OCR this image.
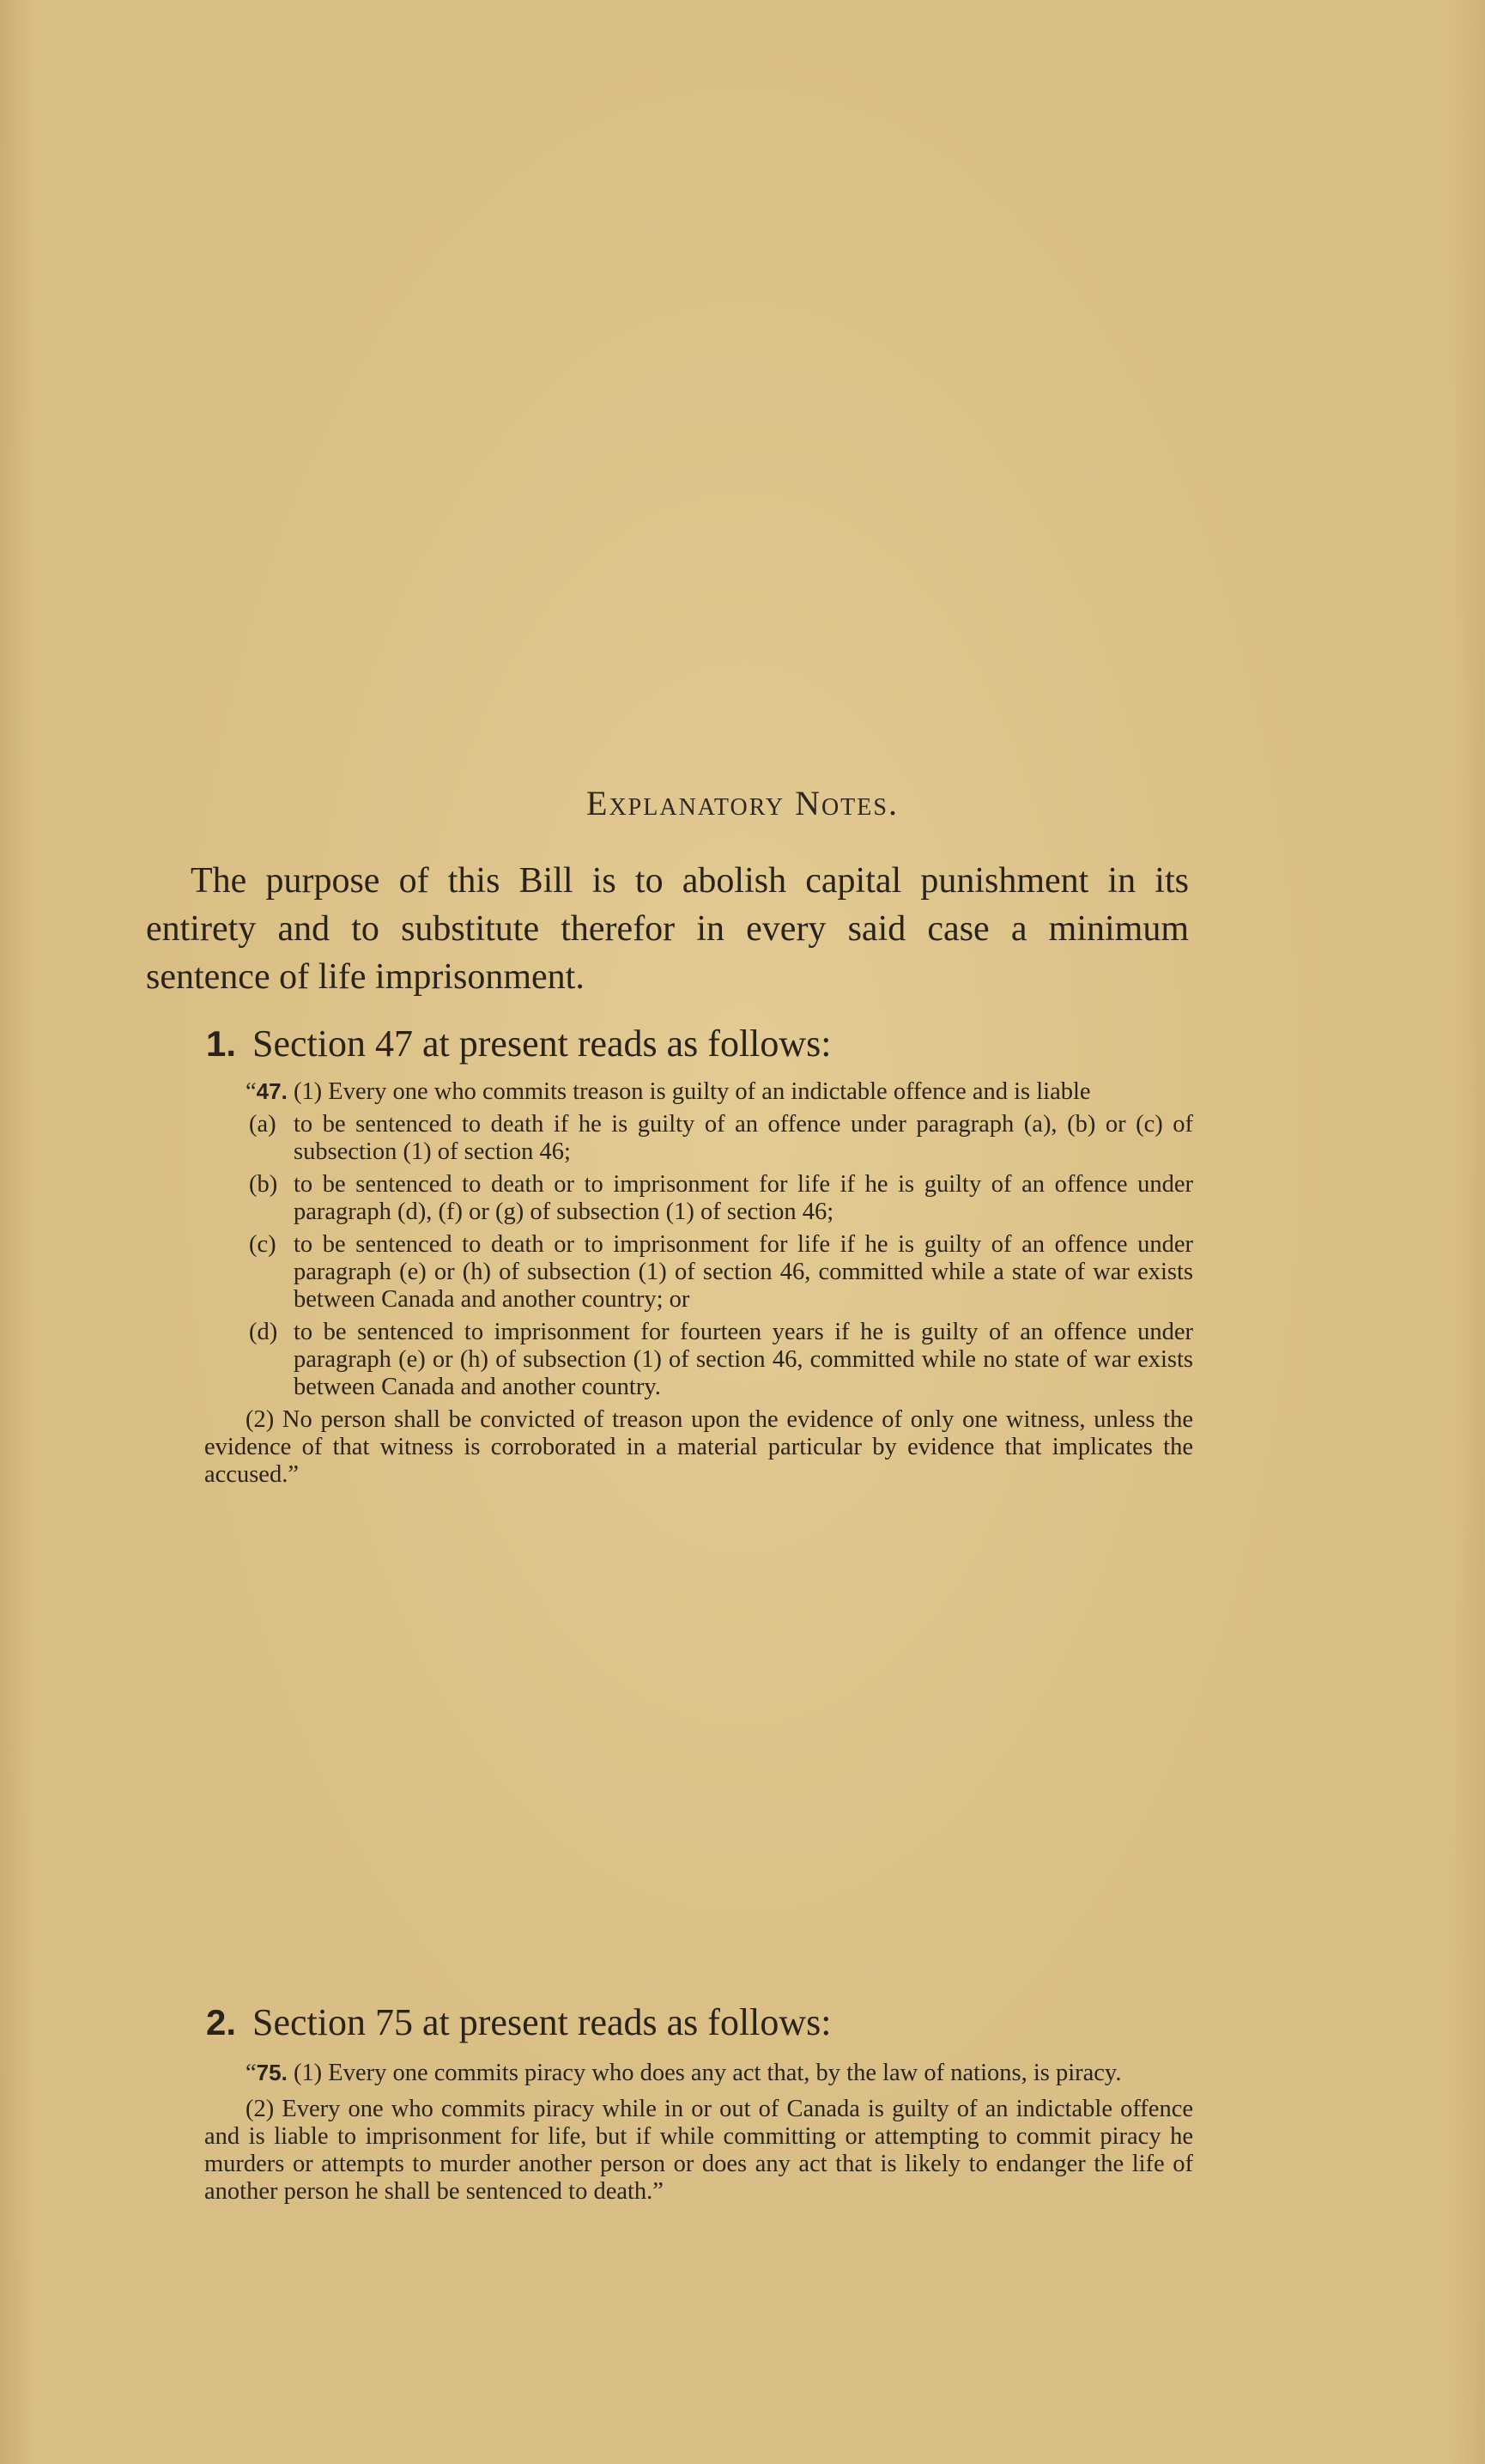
Explanatory Notes.
The purpose of this Bill is to abolish capital punishment in its entirety and to substitute therefor in every said case a minimum sentence of life imprisonment.
1. Section 47 at present reads as follows:

“47. (1) Every one who commits treason is guilty of an indictable offence and is liable

(a) to be sentenced to death if he is guilty of an offence under paragraph (a), (b) or (c) of subsection (1) of section 46;
(b) to be sentenced to death or to imprisonment for life if he is guilty of an offence under paragraph (d), (f) or (g) of subsection (1) of section 46;
(c) to be sentenced to death or to imprisonment for life if he is guilty of an offence under paragraph (e) or (h) of subsection (1) of section 46, committed while a state of war exists between Canada and another country; or
(d) to be sentenced to imprisonment for fourteen years if he is guilty of an offence under paragraph (e) or (h) of subsection (1) of section 46, committed while no state of war exists between Canada and another country.

(2) No person shall be convicted of treason upon the evidence of only one witness, unless the evidence of that witness is corroborated in a material particular by evidence that implicates the accused.”

2. Section 75 at present reads as follows:

“75. (1) Every one commits piracy who does any act that, by the law of nations, is piracy.

(2) Every one who commits piracy while in or out of Canada is guilty of an indictable offence and is liable to imprisonment for life, but if while committing or attempting to commit piracy he murders or attempts to murder another person or does any act that is likely to endanger the life of another person he shall be sentenced to death.”
